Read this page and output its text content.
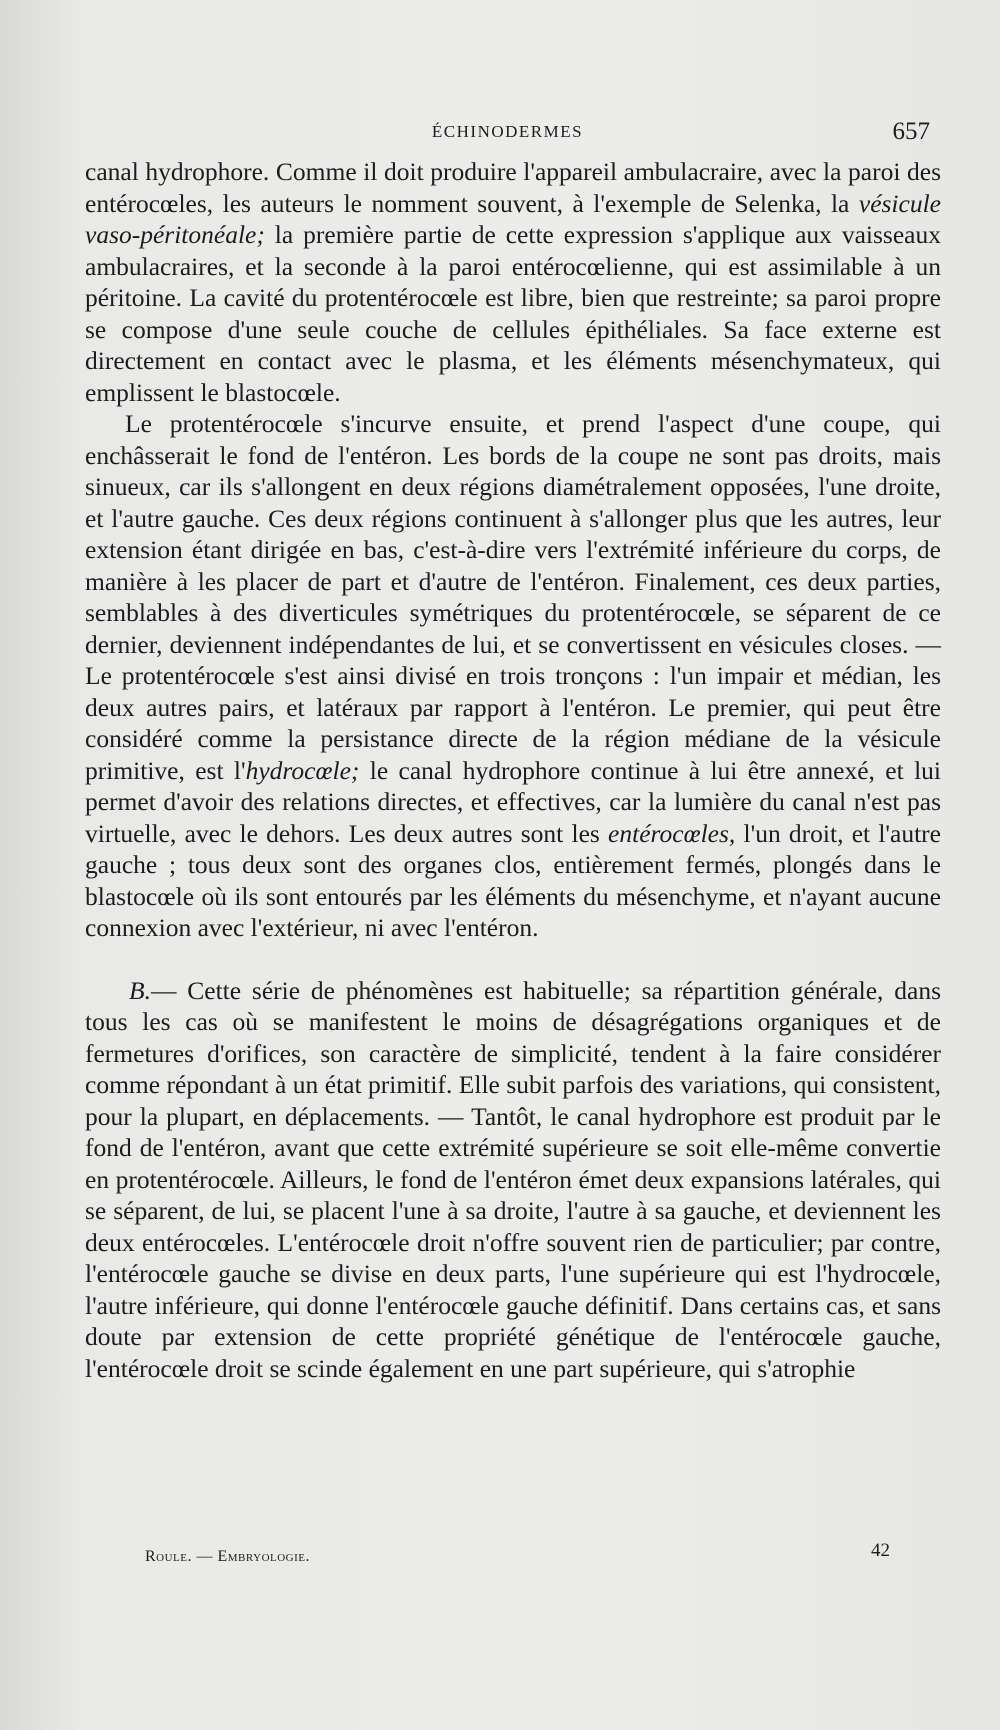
ÉCHINODERMES	657

canal hydrophore. Comme il doit produire l'appareil ambulacraire, avec la paroi des entérocœles, les auteurs le nomment souvent, à l'exemple de Selenka, la vésicule vaso-péritonéale; la première partie de cette expression s'applique aux vaisseaux ambulacraires, et la seconde à la paroi entérocœlienne, qui est assimilable à un péritoine. La cavité du protentérocœle est libre, bien que restreinte; sa paroi propre se compose d'une seule couche de cellules épithéliales. Sa face externe est directement en contact avec le plasma, et les éléments mésenchymateux, qui emplissent le blastocœle.

Le protentérocœle s'incurve ensuite, et prend l'aspect d'une coupe, qui enchâsserait le fond de l'entéron. Les bords de la coupe ne sont pas droits, mais sinueux, car ils s'allongent en deux régions diamétralement opposées, l'une droite, et l'autre gauche. Ces deux régions continuent à s'allonger plus que les autres, leur extension étant dirigée en bas, c'est-à-dire vers l'extrémité inférieure du corps, de manière à les placer de part et d'autre de l'entéron. Finalement, ces deux parties, semblables à des diverticules symétriques du protentérocœle, se séparent de ce dernier, deviennent indépendantes de lui, et se convertissent en vésicules closes. — Le protentérocœle s'est ainsi divisé en trois tronçons : l'un impair et médian, les deux autres pairs, et latéraux par rapport à l'entéron. Le premier, qui peut être considéré comme la persistance directe de la région médiane de la vésicule primitive, est l'hydrocœle; le canal hydrophore continue à lui être annexé, et lui permet d'avoir des relations directes, et effectives, car la lumière du canal n'est pas virtuelle, avec le dehors. Les deux autres sont les entérocœles, l'un droit, et l'autre gauche ; tous deux sont des organes clos, entièrement fermés, plongés dans le blastocœle où ils sont entourés par les éléments du mésenchyme, et n'ayant aucune connexion avec l'extérieur, ni avec l'entéron.

B.— Cette série de phénomènes est habituelle; sa répartition générale, dans tous les cas où se manifestent le moins de désagrégations organiques et de fermetures d'orifices, son caractère de simplicité, tendent à la faire considérer comme répondant à un état primitif. Elle subit parfois des variations, qui consistent, pour la plupart, en déplacements. — Tantôt, le canal hydrophore est produit par le fond de l'entéron, avant que cette extrémité supérieure se soit elle-même convertie en protentérocœle. Ailleurs, le fond de l'entéron émet deux expansions latérales, qui se séparent, de lui, se placent l'une à sa droite, l'autre à sa gauche, et deviennent les deux entérocœles. L'entérocœle droit n'offre souvent rien de particulier; par contre, l'entérocœle gauche se divise en deux parts, l'une supérieure qui est l'hydrocœle, l'autre inférieure, qui donne l'entérocœle gauche définitif. Dans certains cas, et sans doute par extension de cette propriété génétique de l'entérocœle gauche, l'entérocœle droit se scinde également en une part supérieure, qui s'atrophie

Roule. — Embryologie.	42
